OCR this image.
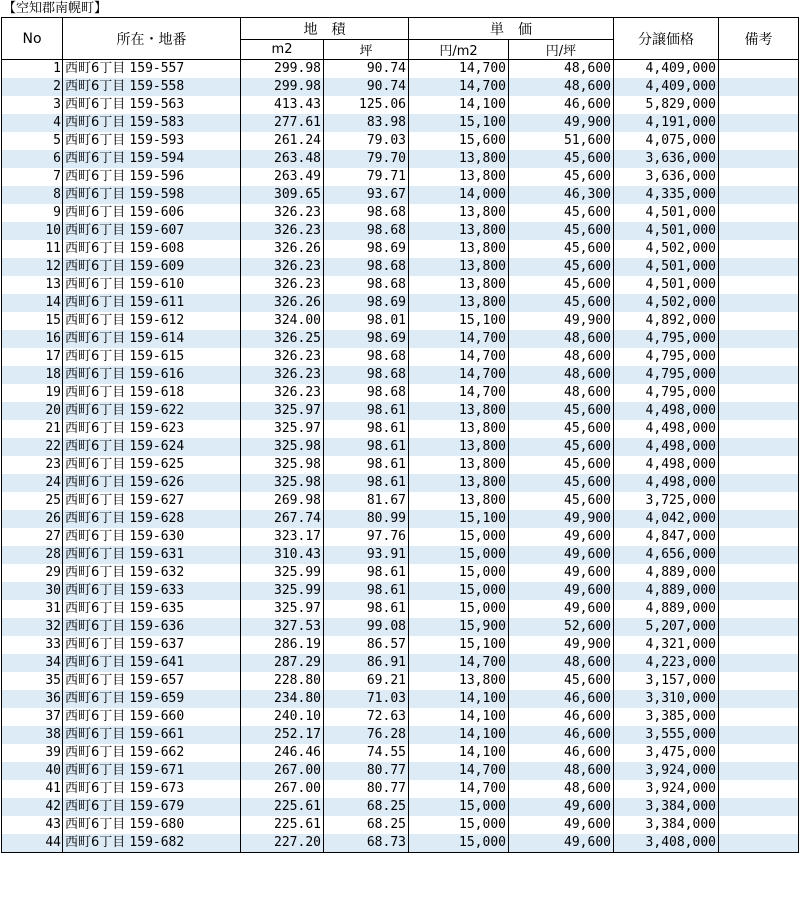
【空知郡南幌町】
No	所在・地番	地　積		単　価		分譲価格	備考
		m2	坪	円/m2	円/坪		
1	西町6丁目 159-557	299.98	90.74	14,700	48,600	4,409,000	
2	西町6丁目 159-558	299.98	90.74	14,700	48,600	4,409,000	
3	西町6丁目 159-563	413.43	125.06	14,100	46,600	5,829,000	
4	西町6丁目 159-583	277.61	83.98	15,100	49,900	4,191,000	
5	西町6丁目 159-593	261.24	79.03	15,600	51,600	4,075,000	
6	西町6丁目 159-594	263.48	79.70	13,800	45,600	3,636,000	
7	西町6丁目 159-596	263.49	79.71	13,800	45,600	3,636,000	
8	西町6丁目 159-598	309.65	93.67	14,000	46,300	4,335,000	
9	西町6丁目 159-606	326.23	98.68	13,800	45,600	4,501,000	
10	西町6丁目 159-607	326.23	98.68	13,800	45,600	4,501,000	
11	西町6丁目 159-608	326.26	98.69	13,800	45,600	4,502,000	
12	西町6丁目 159-609	326.23	98.68	13,800	45,600	4,501,000	
13	西町6丁目 159-610	326.23	98.68	13,800	45,600	4,501,000	
14	西町6丁目 159-611	326.26	98.69	13,800	45,600	4,502,000	
15	西町6丁目 159-612	324.00	98.01	15,100	49,900	4,892,000	
16	西町6丁目 159-614	326.25	98.69	14,700	48,600	4,795,000	
17	西町6丁目 159-615	326.23	98.68	14,700	48,600	4,795,000	
18	西町6丁目 159-616	326.23	98.68	14,700	48,600	4,795,000	
19	西町6丁目 159-618	326.23	98.68	14,700	48,600	4,795,000	
20	西町6丁目 159-622	325.97	98.61	13,800	45,600	4,498,000	
21	西町6丁目 159-623	325.97	98.61	13,800	45,600	4,498,000	
22	西町6丁目 159-624	325.98	98.61	13,800	45,600	4,498,000	
23	西町6丁目 159-625	325.98	98.61	13,800	45,600	4,498,000	
24	西町6丁目 159-626	325.98	98.61	13,800	45,600	4,498,000	
25	西町6丁目 159-627	269.98	81.67	13,800	45,600	3,725,000	
26	西町6丁目 159-628	267.74	80.99	15,100	49,900	4,042,000	
27	西町6丁目 159-630	323.17	97.76	15,000	49,600	4,847,000	
28	西町6丁目 159-631	310.43	93.91	15,000	49,600	4,656,000	
29	西町6丁目 159-632	325.99	98.61	15,000	49,600	4,889,000	
30	西町6丁目 159-633	325.99	98.61	15,000	49,600	4,889,000	
31	西町6丁目 159-635	325.97	98.61	15,000	49,600	4,889,000	
32	西町6丁目 159-636	327.53	99.08	15,900	52,600	5,207,000	
33	西町6丁目 159-637	286.19	86.57	15,100	49,900	4,321,000	
34	西町6丁目 159-641	287.29	86.91	14,700	48,600	4,223,000	
35	西町6丁目 159-657	228.80	69.21	13,800	45,600	3,157,000	
36	西町6丁目 159-659	234.80	71.03	14,100	46,600	3,310,000	
37	西町6丁目 159-660	240.10	72.63	14,100	46,600	3,385,000	
38	西町6丁目 159-661	252.17	76.28	14,100	46,600	3,555,000	
39	西町6丁目 159-662	246.46	74.55	14,100	46,600	3,475,000	
40	西町6丁目 159-671	267.00	80.77	14,700	48,600	3,924,000	
41	西町6丁目 159-673	267.00	80.77	14,700	48,600	3,924,000	
42	西町6丁目 159-679	225.61	68.25	15,000	49,600	3,384,000	
43	西町6丁目 159-680	225.61	68.25	15,000	49,600	3,384,000	
44	西町6丁目 159-682	227.20	68.73	15,000	49,600	3,408,000	
